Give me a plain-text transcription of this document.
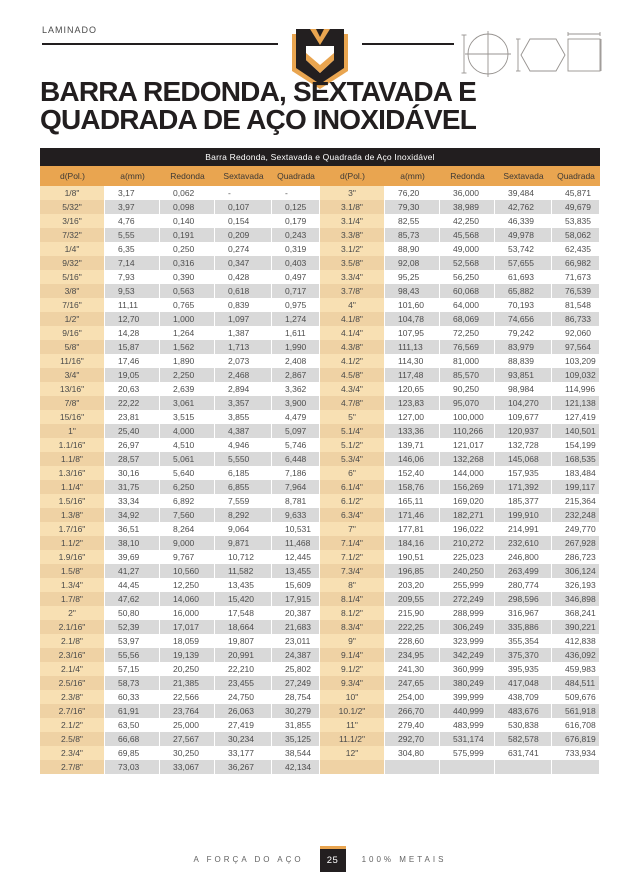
LAMINADO
BARRA REDONDA, SEXTAVADA E
QUADRADA DE AÇO INOXIDÁVEL
Barra Redonda, Sextavada e Quadrada de Aço Inoxidável
d(Pol.)	a(mm)	Redonda	Sextavada	Quadrada	d(Pol.)	a(mm)	Redonda	Sextavada	Quadrada
1/8"	3,17	0,062	-	-	3"	76,20	36,000	39,484	45,871
5/32"	3,97	0,098	0,107	0,125	3.1/8"	79,30	38,989	42,762	49,679
3/16"	4,76	0,140	0,154	0,179	3.1/4"	82,55	42,250	46,339	53,835
7/32"	5,55	0,191	0,209	0,243	3.3/8"	85,73	45,568	49,978	58,062
1/4"	6,35	0,250	0,274	0,319	3.1/2"	88,90	49,000	53,742	62,435
9/32"	7,14	0,316	0,347	0,403	3.5/8"	92,08	52,568	57,655	66,982
5/16"	7,93	0,390	0,428	0,497	3.3/4"	95,25	56,250	61,693	71,673
3/8"	9,53	0,563	0,618	0,717	3.7/8"	98,43	60,068	65,882	76,539
7/16"	11,11	0,765	0,839	0,975	4"	101,60	64,000	70,193	81,548
1/2"	12,70	1,000	1,097	1,274	4.1/8"	104,78	68,069	74,656	86,733
9/16"	14,28	1,264	1,387	1,611	4.1/4"	107,95	72,250	79,242	92,060
5/8"	15,87	1,562	1,713	1,990	4.3/8"	111,13	76,569	83,979	97,564
11/16"	17,46	1,890	2,073	2,408	4.1/2"	114,30	81,000	88,839	103,209
3/4"	19,05	2,250	2,468	2,867	4.5/8"	117,48	85,570	93,851	109,032
13/16"	20,63	2,639	2,894	3,362	4.3/4"	120,65	90,250	98,984	114,996
7/8"	22,22	3,061	3,357	3,900	4.7/8"	123,83	95,070	104,270	121,138
15/16"	23,81	3,515	3,855	4,479	5"	127,00	100,000	109,677	127,419
1"	25,40	4,000	4,387	5,097	5.1/4"	133,36	110,266	120,937	140,501
1.1/16"	26,97	4,510	4,946	5,746	5.1/2"	139,71	121,017	132,728	154,199
1.1/8"	28,57	5,061	5,550	6,448	5.3/4"	146,06	132,268	145,068	168,535
1.3/16"	30,16	5,640	6,185	7,186	6"	152,40	144,000	157,935	183,484
1.1/4"	31,75	6,250	6,855	7,964	6.1/4"	158,76	156,269	171,392	199,117
1.5/16"	33,34	6,892	7,559	8,781	6.1/2"	165,11	169,020	185,377	215,364
1.3/8"	34,92	7,560	8,292	9,633	6.3/4"	171,46	182,271	199,910	232,248
1.7/16"	36,51	8,264	9,064	10,531	7"	177,81	196,022	214,991	249,770
1.1/2"	38,10	9,000	9,871	11,468	7.1/4"	184,16	210,272	232,610	267,928
1.9/16"	39,69	9,767	10,712	12,445	7.1/2"	190,51	225,023	246,800	286,723
1.5/8"	41,27	10,560	11,582	13,455	7.3/4"	196,85	240,250	263,499	306,124
1.3/4"	44,45	12,250	13,435	15,609	8"	203,20	255,999	280,774	326,193
1.7/8"	47,62	14,060	15,420	17,915	8.1/4"	209,55	272,249	298,596	346,898
2"	50,80	16,000	17,548	20,387	8.1/2"	215,90	288,999	316,967	368,241
2.1/16"	52,39	17,017	18,664	21,683	8.3/4"	222,25	306,249	335,886	390,221
2.1/8"	53,97	18,059	19,807	23,011	9"	228,60	323,999	355,354	412,838
2.3/16"	55,56	19,139	20,991	24,387	9.1/4"	234,95	342,249	375,370	436,092
2.1/4"	57,15	20,250	22,210	25,802	9.1/2"	241,30	360,999	395,935	459,983
2.5/16"	58,73	21,385	23,455	27,249	9.3/4"	247,65	380,249	417,048	484,511
2.3/8"	60,33	22,566	24,750	28,754	10"	254,00	399,999	438,709	509,676
2.7/16"	61,91	23,764	26,063	30,279	10.1/2"	266,70	440,999	483,676	561,918
2.1/2"	63,50	25,000	27,419	31,855	11"	279,40	483,999	530,838	616,708
2.5/8"	66,68	27,567	30,234	35,125	11.1/2"	292,70	531,174	582,578	676,819
2.3/4"	69,85	30,250	33,177	38,544	12"	304,80	575,999	631,741	733,934
2.7/8"	73,03	33,067	36,267	42,134
A FORÇA DO AÇO	25	100% METAIS
